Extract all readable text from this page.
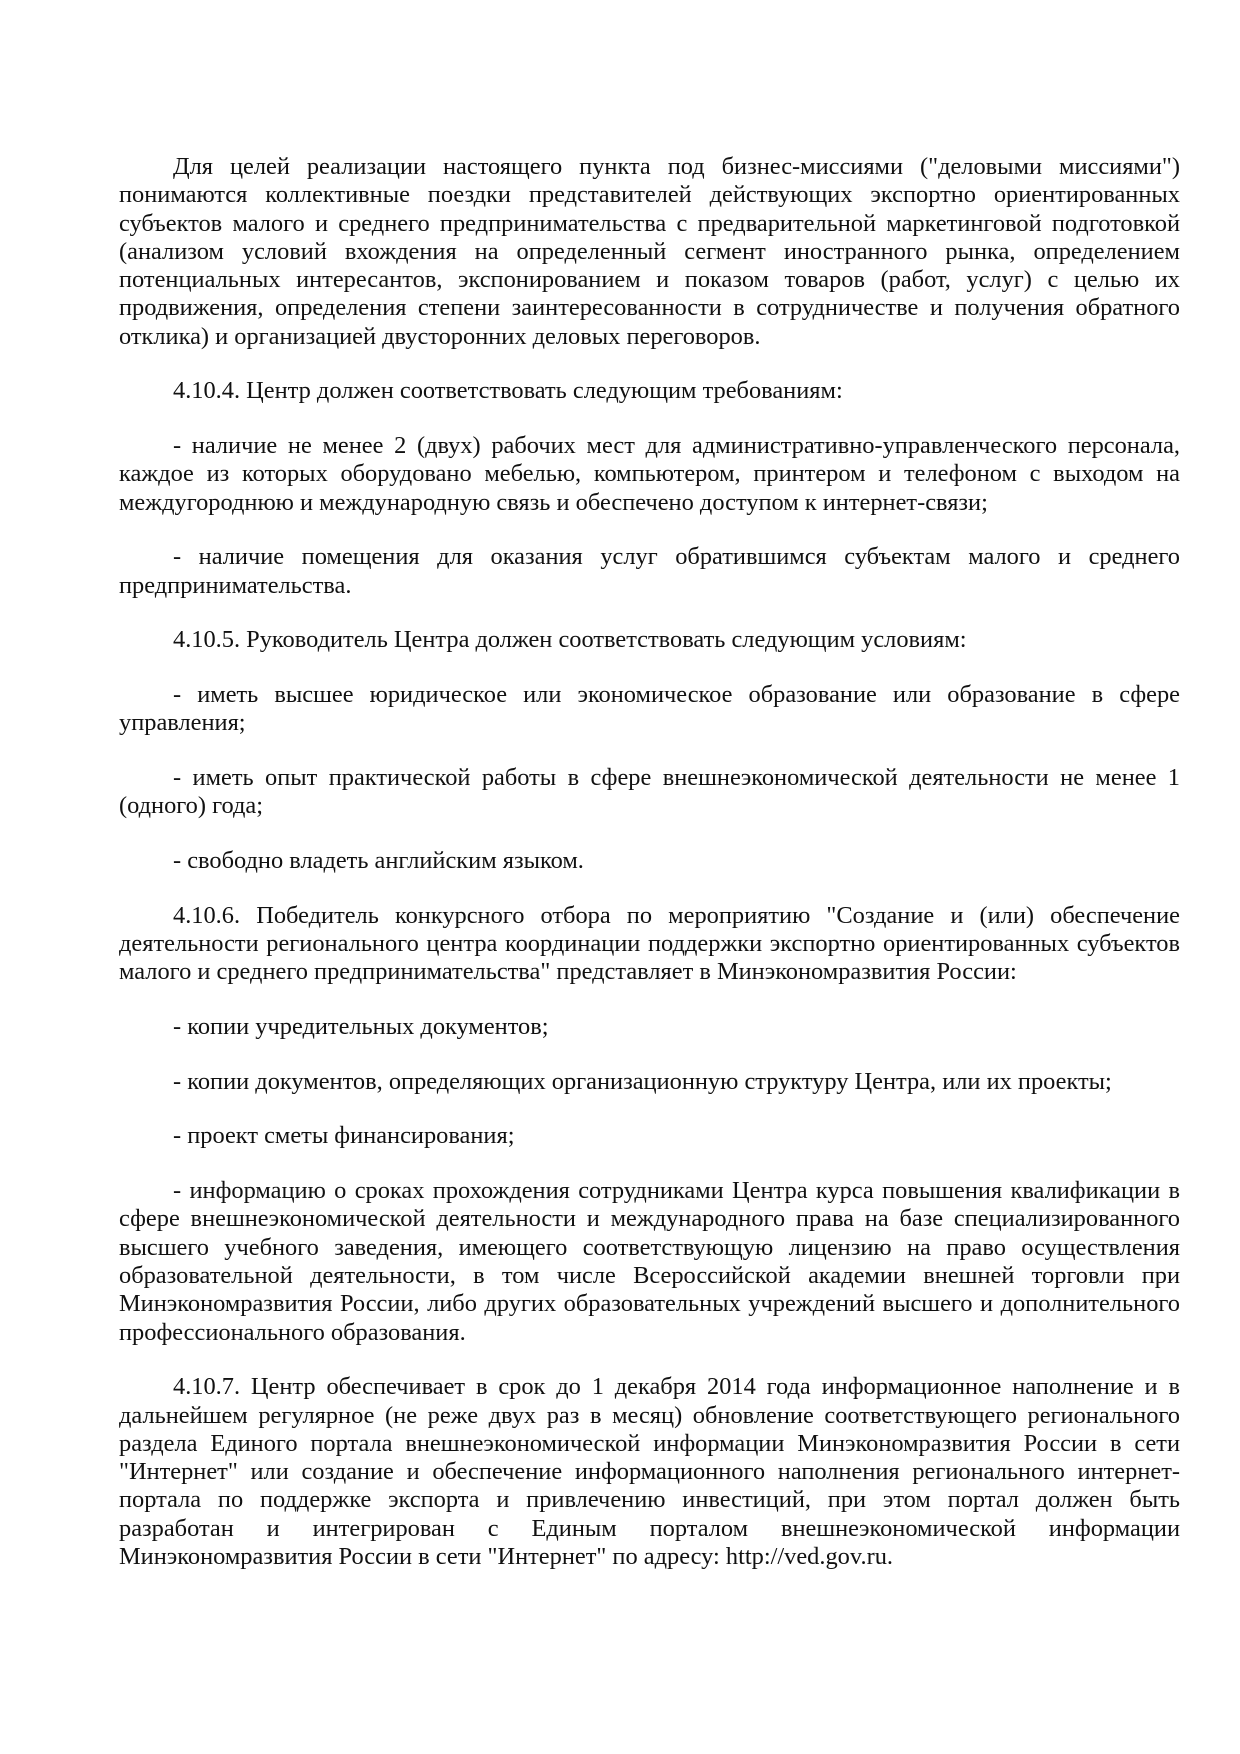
Для целей реализации настоящего пункта под бизнес-миссиями ("деловыми миссиями") понимаются коллективные поездки представителей действующих экспортно ориентированных субъектов малого и среднего предпринимательства с предварительной маркетинговой подготовкой (анализом условий вхождения на определенный сегмент иностранного рынка, определением потенциальных интересантов, экспонированием и показом товаров (работ, услуг) с целью их продвижения, определения степени заинтересованности в сотрудничестве и получения обратного отклика) и организацией двусторонних деловых переговоров.

4.10.4. Центр должен соответствовать следующим требованиям:

- наличие не менее 2 (двух) рабочих мест для административно-управленческого персонала, каждое из которых оборудовано мебелью, компьютером, принтером и телефоном с выходом на междугороднюю и международную связь и обеспечено доступом к интернет-связи;

- наличие помещения для оказания услуг обратившимся субъектам малого и среднего предпринимательства.

4.10.5. Руководитель Центра должен соответствовать следующим условиям:

- иметь высшее юридическое или экономическое образование или образование в сфере управления;

- иметь опыт практической работы в сфере внешнеэкономической деятельности не менее 1 (одного) года;

- свободно владеть английским языком.

4.10.6. Победитель конкурсного отбора по мероприятию "Создание и (или) обеспечение деятельности регионального центра координации поддержки экспортно ориентированных субъектов малого и среднего предпринимательства" представляет в Минэкономразвития России:

- копии учредительных документов;

- копии документов, определяющих организационную структуру Центра, или их проекты;

- проект сметы финансирования;

- информацию о сроках прохождения сотрудниками Центра курса повышения квалификации в сфере внешнеэкономической деятельности и международного права на базе специализированного высшего учебного заведения, имеющего соответствующую лицензию на право осуществления образовательной деятельности, в том числе Всероссийской академии внешней торговли при Минэкономразвития России, либо других образовательных учреждений высшего и дополнительного профессионального образования.

4.10.7. Центр обеспечивает в срок до 1 декабря 2014 года информационное наполнение и в дальнейшем регулярное (не реже двух раз в месяц) обновление соответствующего регионального раздела Единого портала внешнеэкономической информации Минэкономразвития России в сети "Интернет" или создание и обеспечение информационного наполнения регионального интернет-портала по поддержке экспорта и привлечению инвестиций, при этом портал должен быть разработан и интегрирован с Единым порталом внешнеэкономической информации Минэкономразвития России в сети "Интернет" по адресу: http://ved.gov.ru.
